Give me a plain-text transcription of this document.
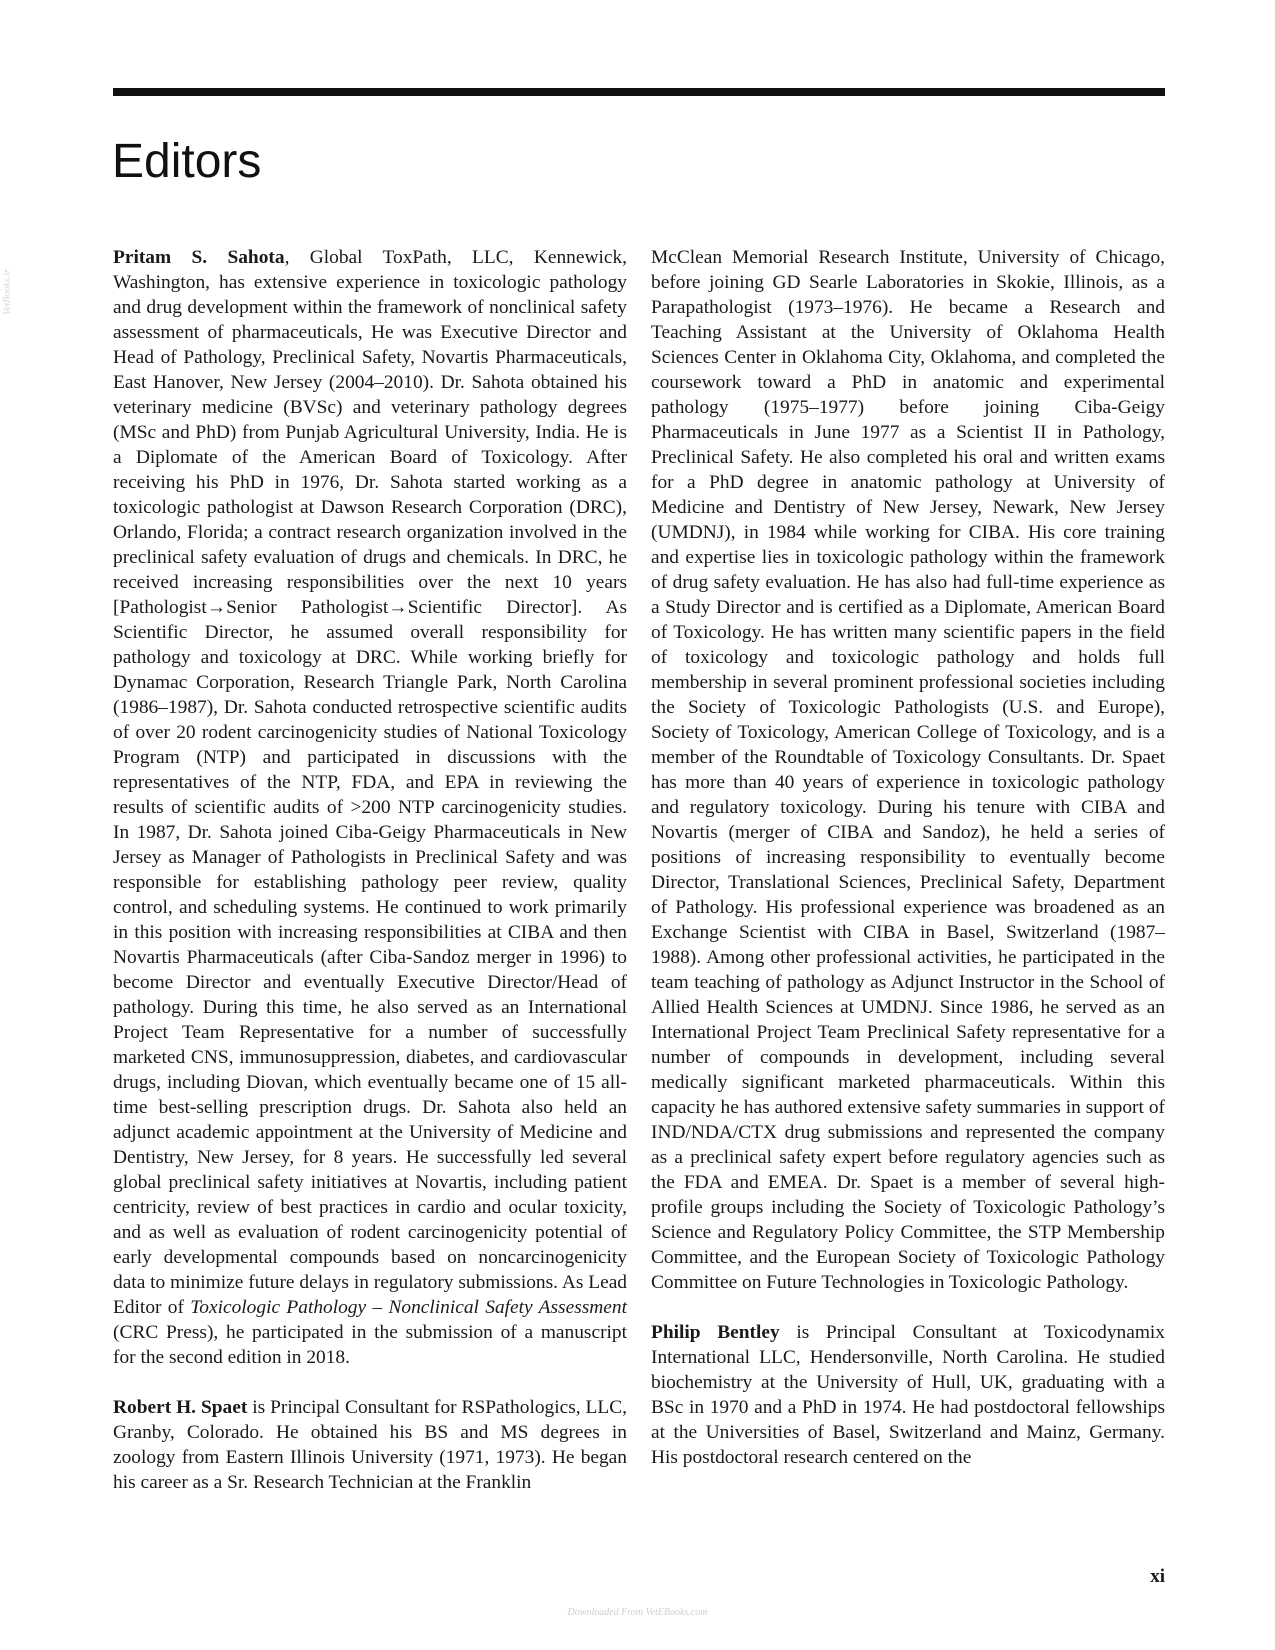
Editors
VetBooks.ir

Pritam S. Sahota, Global ToxPath, LLC, Kennewick, Washington, has extensive experience in toxicologic pathology and drug development within the framework of nonclinical safety assessment of pharmaceuticals, He was Executive Director and Head of Pathology, Preclinical Safety, Novartis Pharmaceuticals, East Hanover, New Jersey (2004–2010). Dr. Sahota obtained his veterinary medicine (BVSc) and veterinary pathology degrees (MSc and PhD) from Punjab Agricultural University, India. He is a Diplomate of the American Board of Toxicology. After receiving his PhD in 1976, Dr. Sahota started working as a toxicologic pathologist at Dawson Research Corporation (DRC), Orlando, Florida; a contract research organization involved in the preclinical safety evaluation of drugs and chemicals. In DRC, he received increasing responsibilities over the next 10 years [Pathologist→Senior Pathologist→Scientific Director]. As Scientific Director, he assumed overall responsibility for pathology and toxicology at DRC. While working briefly for Dynamac Corporation, Research Triangle Park, North Carolina (1986–1987), Dr. Sahota conducted retrospective scientific audits of over 20 rodent carcinogenicity studies of National Toxicology Program (NTP) and participated in discussions with the representatives of the NTP, FDA, and EPA in reviewing the results of scientific audits of >200 NTP carcinogenicity studies. In 1987, Dr. Sahota joined Ciba-Geigy Pharmaceuticals in New Jersey as Manager of Pathologists in Preclinical Safety and was responsible for establishing pathology peer review, quality control, and scheduling systems. He continued to work primarily in this position with increasing responsibilities at CIBA and then Novartis Pharmaceuticals (after Ciba-Sandoz merger in 1996) to become Director and eventually Executive Director/Head of pathology. During this time, he also served as an International Project Team Representative for a number of successfully marketed CNS, immunosuppression, diabetes, and cardiovascular drugs, including Diovan, which eventually became one of 15 all-time best-selling prescription drugs. Dr. Sahota also held an adjunct academic appointment at the University of Medicine and Dentistry, New Jersey, for 8 years. He successfully led several global preclinical safety initiatives at Novartis, including patient centricity, review of best practices in cardio and ocular toxicity, and as well as evaluation of rodent carcinogenicity potential of early developmental compounds based on noncarcinogenicity data to minimize future delays in regulatory submissions. As Lead Editor of Toxicologic Pathology – Nonclinical Safety Assessment (CRC Press), he participated in the submission of a manuscript for the second edition in 2018.

Robert H. Spaet is Principal Consultant for RSPathologics, LLC, Granby, Colorado. He obtained his BS and MS degrees in zoology from Eastern Illinois University (1971, 1973). He began his career as a Sr. Research Technician at the Franklin

McClean Memorial Research Institute, University of Chicago, before joining GD Searle Laboratories in Skokie, Illinois, as a Parapathologist (1973–1976). He became a Research and Teaching Assistant at the University of Oklahoma Health Sciences Center in Oklahoma City, Oklahoma, and completed the coursework toward a PhD in anatomic and experimental pathology (1975–1977) before joining Ciba-Geigy Pharmaceuticals in June 1977 as a Scientist II in Pathology, Preclinical Safety. He also completed his oral and written exams for a PhD degree in anatomic pathology at University of Medicine and Dentistry of New Jersey, Newark, New Jersey (UMDNJ), in 1984 while working for CIBA. His core training and expertise lies in toxicologic pathology within the framework of drug safety evaluation. He has also had full-time experience as a Study Director and is certified as a Diplomate, American Board of Toxicology. He has written many scientific papers in the field of toxicology and toxicologic pathology and holds full membership in several prominent professional societies including the Society of Toxicologic Pathologists (U.S. and Europe), Society of Toxicology, American College of Toxicology, and is a member of the Roundtable of Toxicology Consultants. Dr. Spaet has more than 40 years of experience in toxicologic pathology and regulatory toxicology. During his tenure with CIBA and Novartis (merger of CIBA and Sandoz), he held a series of positions of increasing responsibility to eventually become Director, Translational Sciences, Preclinical Safety, Department of Pathology. His professional experience was broadened as an Exchange Scientist with CIBA in Basel, Switzerland (1987–1988). Among other professional activities, he participated in the team teaching of pathology as Adjunct Instructor in the School of Allied Health Sciences at UMDNJ. Since 1986, he served as an International Project Team Preclinical Safety representative for a number of compounds in development, including several medically significant marketed pharmaceuticals. Within this capacity he has authored extensive safety summaries in support of IND/NDA/CTX drug submissions and represented the company as a preclinical safety expert before regulatory agencies such as the FDA and EMEA. Dr. Spaet is a member of several high-profile groups including the Society of Toxicologic Pathology’s Science and Regulatory Policy Committee, the STP Membership Committee, and the European Society of Toxicologic Pathology Committee on Future Technologies in Toxicologic Pathology.

Philip Bentley is Principal Consultant at Toxicodynamix International LLC, Hendersonville, North Carolina. He studied biochemistry at the University of Hull, UK, graduating with a BSc in 1970 and a PhD in 1974. He had postdoctoral fellowships at the Universities of Basel, Switzerland and Mainz, Germany. His postdoctoral research centered on the

xi
Downloaded From VetEBooks.com
